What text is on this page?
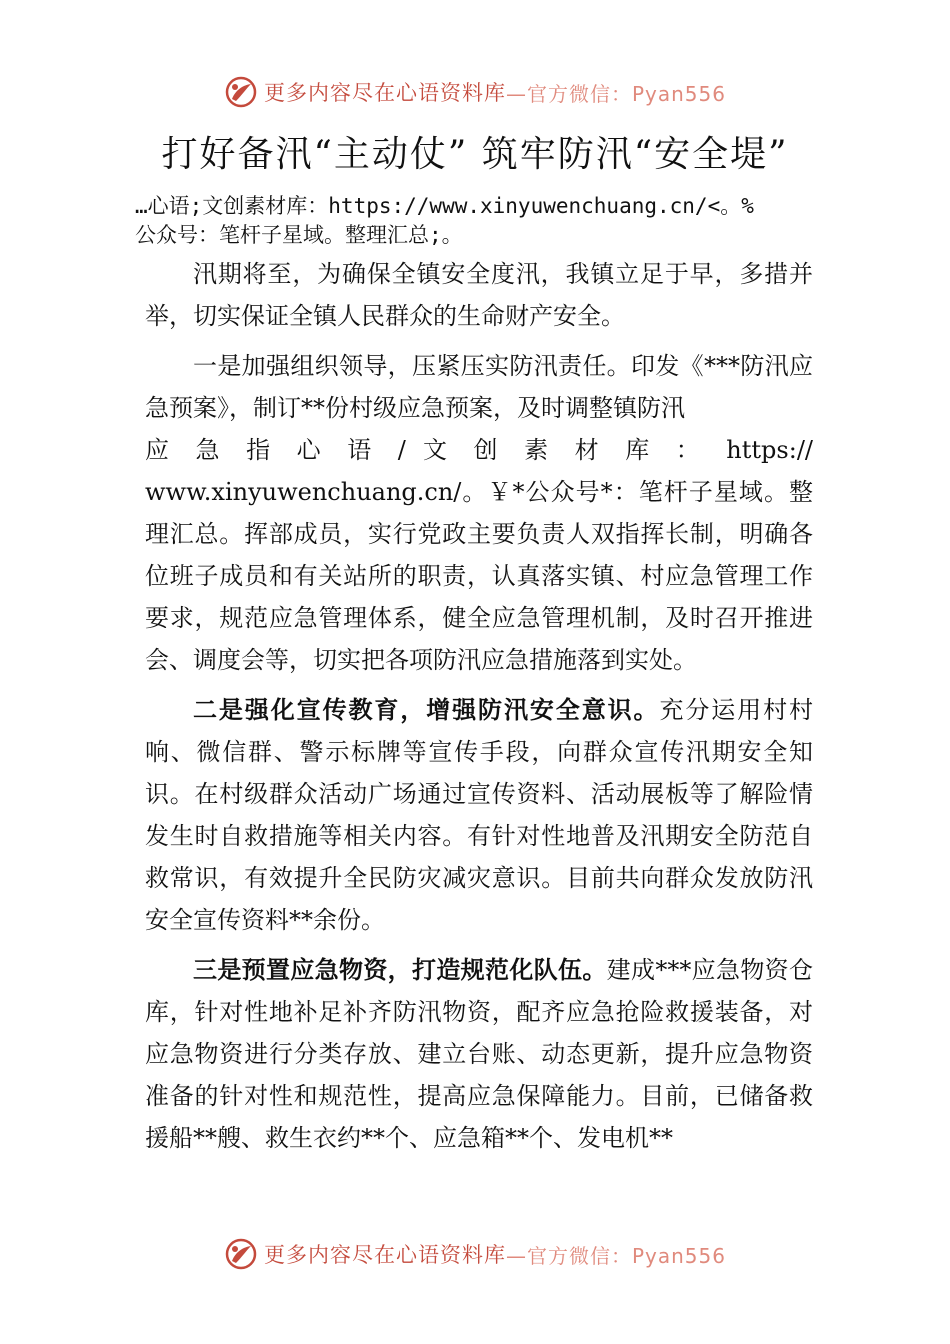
更多内容尽在心语资料库 —官方微信：Pyan556
打好备汛“主动仗” 筑牢防汛“安全堤”
…心语;文创素材库：https://www.xinyuwenchuang.cn/<。%
公众号：笔杆子星域。整理汇总;。

汛期将至，为确保全镇安全度汛，我镇立足于早，多措并举，切实保证全镇人民群众的生命财产安全。

一是加强组织领导，压紧压实防汛责任。印发《***防汛应急预案》，制订**份村级应急预案，及时调整镇防汛

应 急 指 心 语 / 文 创 素 材 库 ： https://

www.xinyuwenchuang.cn/。￥*公众号*：笔杆子星域。整理汇总。挥部成员，实行党政主要负责人双指挥长制，明确各位班子成员和有关站所的职责，认真落实镇、村应急管理工作要求，规范应急管理体系，健全应急管理机制，及时召开推进会、调度会等，切实把各项防汛应急措施落到实处。

二是强化宣传教育，增强防汛安全意识。充分运用村村响、微信群、警示标牌等宣传手段，向群众宣传汛期安全知识。在村级群众活动广场通过宣传资料、活动展板等了解险情发生时自救措施等相关内容。有针对性地普及汛期安全防范自救常识，有效提升全民防灾减灾意识。目前共向群众发放防汛安全宣传资料**余份。

三是预置应急物资，打造规范化队伍。建成***应急物资仓库，针对性地补足补齐防汛物资，配齐应急抢险救援装备，对应急物资进行分类存放、建立台账、动态更新，提升应急物资准备的针对性和规范性，提高应急保障能力。目前，已储备救援船**艘、救生衣约**个、应急箱**个、发电机**

更多内容尽在心语资料库 —官方微信：Pyan556
